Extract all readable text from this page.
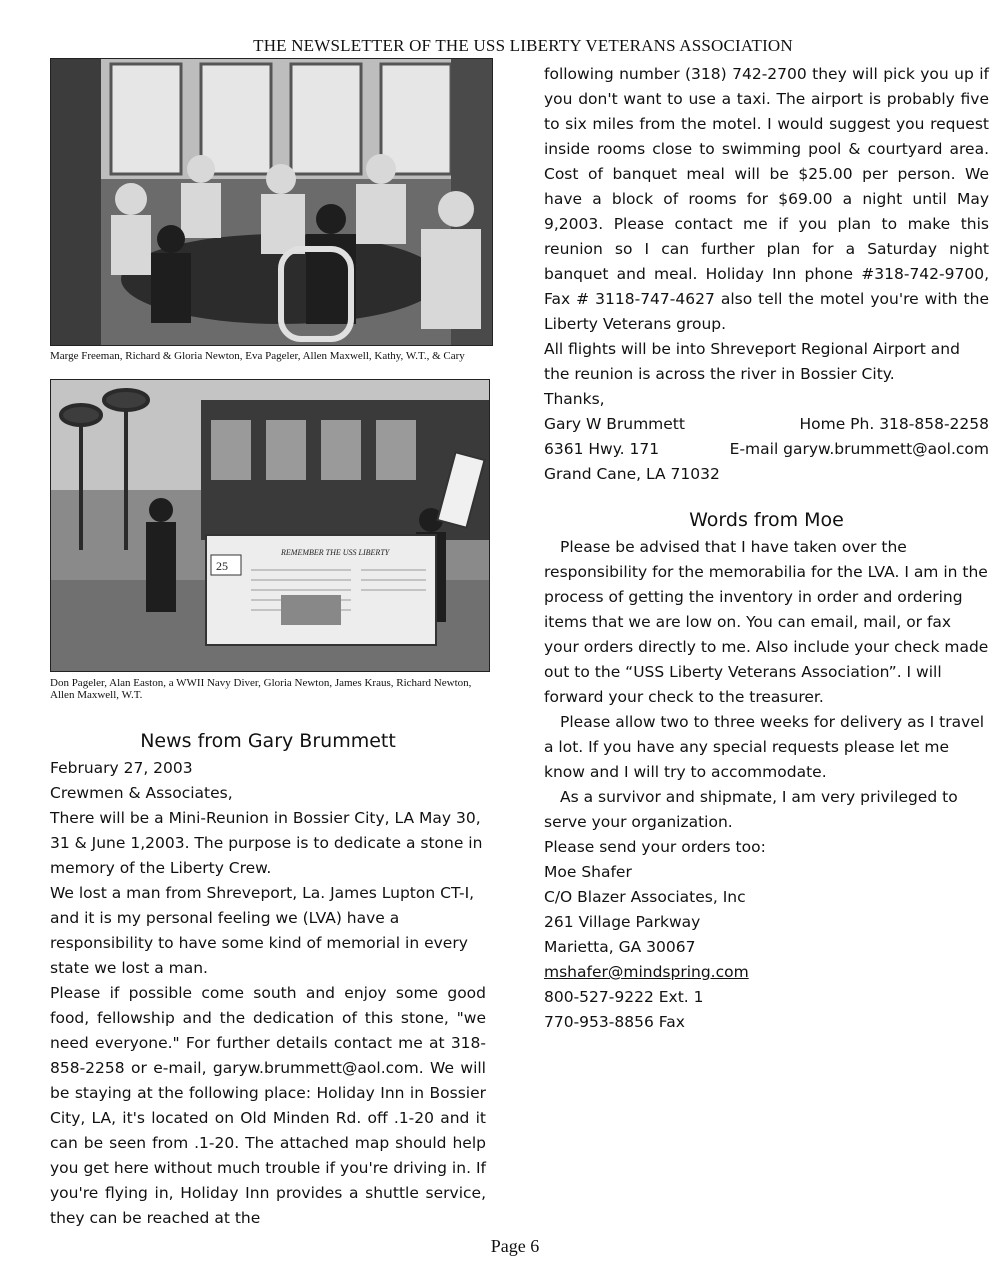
THE NEWSLETTER OF THE USS LIBERTY VETERANS ASSOCIATION
Marge Freeman, Richard & Gloria Newton, Eva Pageler, Allen Maxwell, Kathy, W.T., & Cary
25
REMEMBER THE USS LIBERTY
Don Pageler, Alan Easton, a WWII Navy Diver, Gloria Newton, James Kraus, Richard Newton, Allen Maxwell, W.T.
News from Gary Brummett
February 27, 2003
Crewmen & Associates,
There will be a Mini-Reunion in Bossier City, LA May 30, 31 & June 1,2003. The purpose is to dedicate a stone in memory of the Liberty Crew.
We lost a man from Shreveport, La. James Lupton CT-I, and it is my personal feeling we (LVA) have a responsibility to have some kind of memorial in every state we lost a man.
Please if possible come south and enjoy some good food, fellowship and the dedication of this stone, "we need everyone." For further details contact me at 318-858-2258 or e-mail, garyw.brummett@aol.com. We will be staying at the following place: Holiday Inn in Bossier City, LA, it's located on Old Minden Rd. off .1-20 and it can be seen from .1-20. The attached map should help you get here without much trouble if you're driving in. If you're flying in, Holiday Inn provides a shuttle service, they can be reached at the
following number (318) 742-2700 they will pick you up if you don't want to use a taxi. The airport is probably five to six miles from the motel. I would suggest you request inside rooms close to swimming pool & courtyard area. Cost of banquet meal will be $25.00 per person. We have a block of rooms for $69.00 a night until May 9,2003. Please contact me if you plan to make this reunion so I can further plan for a Saturday night banquet and meal. Holiday Inn phone #318-742-9700, Fax # 3118-747-4627 also tell the motel you're with the Liberty Veterans group.
All flights will be into Shreveport Regional Airport and the reunion is across the river in Bossier City.
Thanks,
Gary W Brummett	Home Ph. 318-858-2258
6361 Hwy. 171	E-mail garyw.brummett@aol.com
Grand Cane, LA 71032
Words from Moe
Please be advised that I have taken over the responsibility for the memorabilia for the LVA. I am in the process of getting the inventory in order and ordering items that we are low on. You can email, mail, or fax your orders directly to me. Also include your check made out to the “USS Liberty Veterans Association”. I will forward your check to the treasurer.
Please allow two to three weeks for delivery as I travel a lot. If you have any special requests please let me know and I will try to accommodate.
As a survivor and shipmate, I am very privileged to serve your organization.
Please send your orders too:
Moe Shafer
C/O Blazer Associates, Inc
261 Village Parkway
Marietta, GA 30067
mshafer@mindspring.com
800-527-9222 Ext. 1
770-953-8856 Fax
Page 6
